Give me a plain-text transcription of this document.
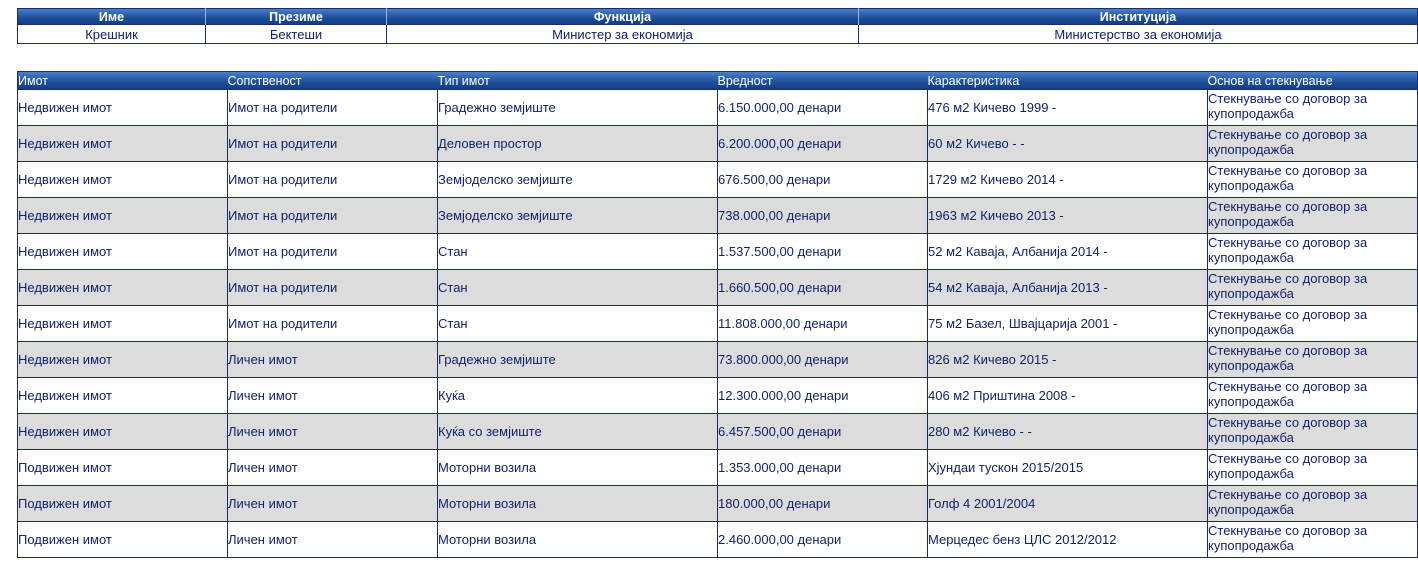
Име	Презиме	Функција	Институција
Крешник	Бектеши	Министер за економија	Министерство за економија
Имот	Сопственост	Тип имот	Вредност	Карактеристика	Основ на стекнување
Недвижен имот	Имот на родители	Градежно земјиште	6.150.000,00 денари	476 м2 Кичево 1999 -	Стекнување со договор за купопродажба
Недвижен имот	Имот на родители	Деловен простор	6.200.000,00 денари	60 м2 Кичево - -	Стекнување со договор за купопродажба
Недвижен имот	Имот на родители	Земјоделско земјиште	676.500,00 денари	1729 м2 Кичево 2014 -	Стекнување со договор за купопродажба
Недвижен имот	Имот на родители	Земјоделско земјиште	738.000,00 денари	1963 м2 Кичево 2013 -	Стекнување со договор за купопродажба
Недвижен имот	Имот на родители	Стан	1.537.500,00 денари	52 м2 Кавајa, Албанија 2014 -	Стекнување со договор за купопродажба
Недвижен имот	Имот на родители	Стан	1.660.500,00 денари	54 м2 Кавајa, Албанија 2013 -	Стекнување со договор за купопродажба
Недвижен имот	Имот на родители	Стан	11.808.000,00 денари	75 м2 Базел, Швајцарија 2001 -	Стекнување со договор за купопродажба
Недвижен имот	Личен имот	Градежно земјиште	73.800.000,00 денари	826 м2 Кичево 2015 -	Стекнување со договор за купопродажба
Недвижен имот	Личен имот	Куќа	12.300.000,00 денари	406 м2 Приштина 2008 -	Стекнување со договор за купопродажба
Недвижен имот	Личен имот	Куќа со земјиште	6.457.500,00 денари	280 м2 Кичево - -	Стекнување со договор за купопродажба
Подвижен имот	Личен имот	Моторни возила	1.353.000,00 денари	Хјундаи тускон 2015/2015	Стекнување со договор за купопродажба
Подвижен имот	Личен имот	Моторни возила	180.000,00 денари	Голф 4 2001/2004	Стекнување со договор за купопродажба
Подвижен имот	Личен имот	Моторни возила	2.460.000,00 денари	Мерцедес бенз ЦЛС 2012/2012	Стекнување со договор за купопродажба
